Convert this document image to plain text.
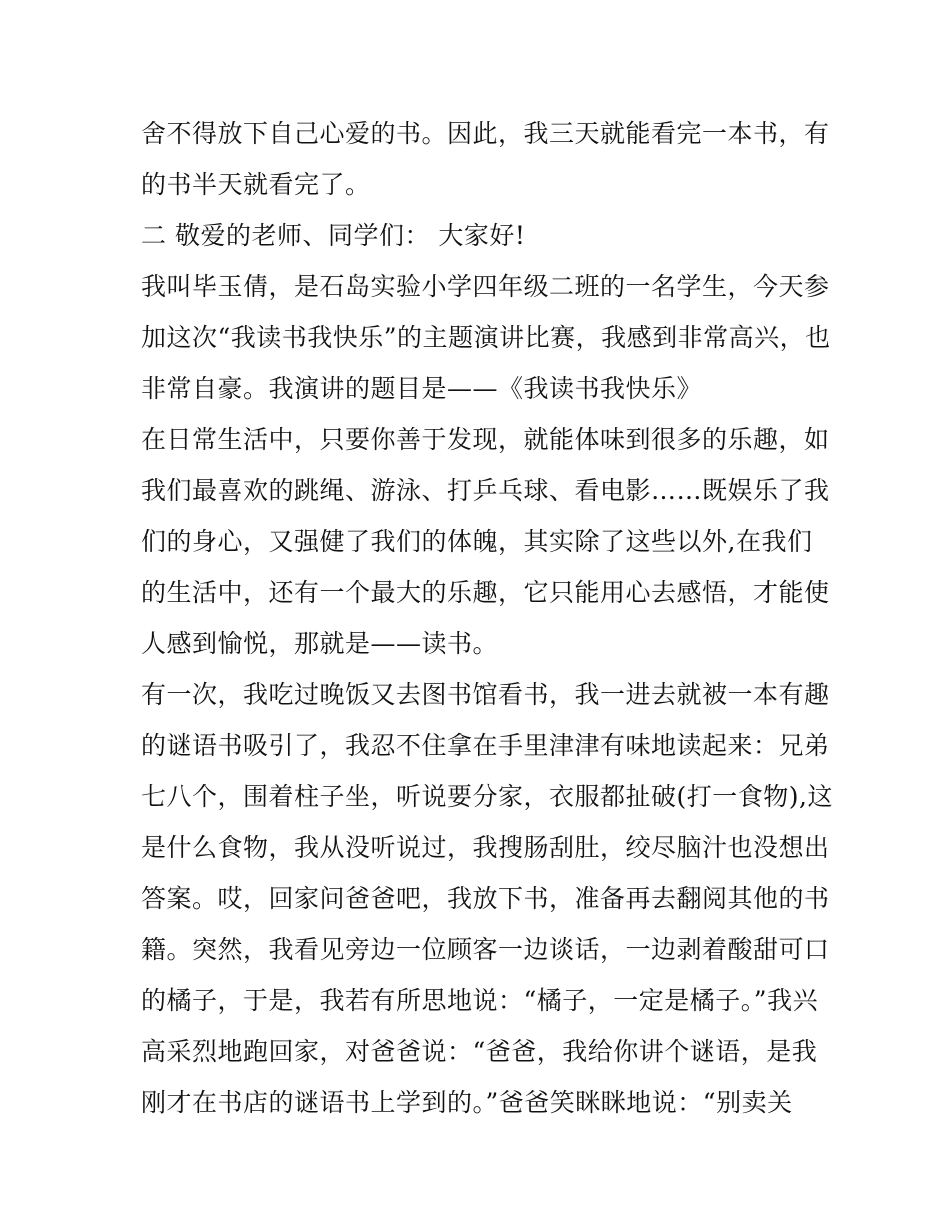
舍不得放下自己心爱的书。因此，我三天就能看完一本书，有
的书半天就看完了。
二 敬爱的老师、同学们： 大家好!
我叫毕玉倩，是石岛实验小学四年级二班的一名学生，今天参
加这次“我读书我快乐”的主题演讲比赛，我感到非常高兴，也
非常自豪。我演讲的题目是——《我读书我快乐》
在日常生活中，只要你善于发现，就能体味到很多的乐趣，如
我们最喜欢的跳绳、游泳、打乒乓球、看电影……既娱乐了我
们的身心，又强健了我们的体魄，其实除了这些以外,在我们
的生活中，还有一个最大的乐趣，它只能用心去感悟，才能使
人感到愉悦，那就是——读书。
有一次，我吃过晚饭又去图书馆看书，我一进去就被一本有趣
的谜语书吸引了，我忍不住拿在手里津津有味地读起来：兄弟
七八个，围着柱子坐，听说要分家，衣服都扯破(打一食物),这
是什么食物，我从没听说过，我搜肠刮肚，绞尽脑汁也没想出
答案。哎，回家问爸爸吧，我放下书，准备再去翻阅其他的书
籍。突然，我看见旁边一位顾客一边谈话，一边剥着酸甜可口
的橘子，于是，我若有所思地说：“橘子，一定是橘子。”我兴
高采烈地跑回家，对爸爸说：“爸爸，我给你讲个谜语，是我
刚才在书店的谜语书上学到的。”爸爸笑眯眯地说：“别卖关
